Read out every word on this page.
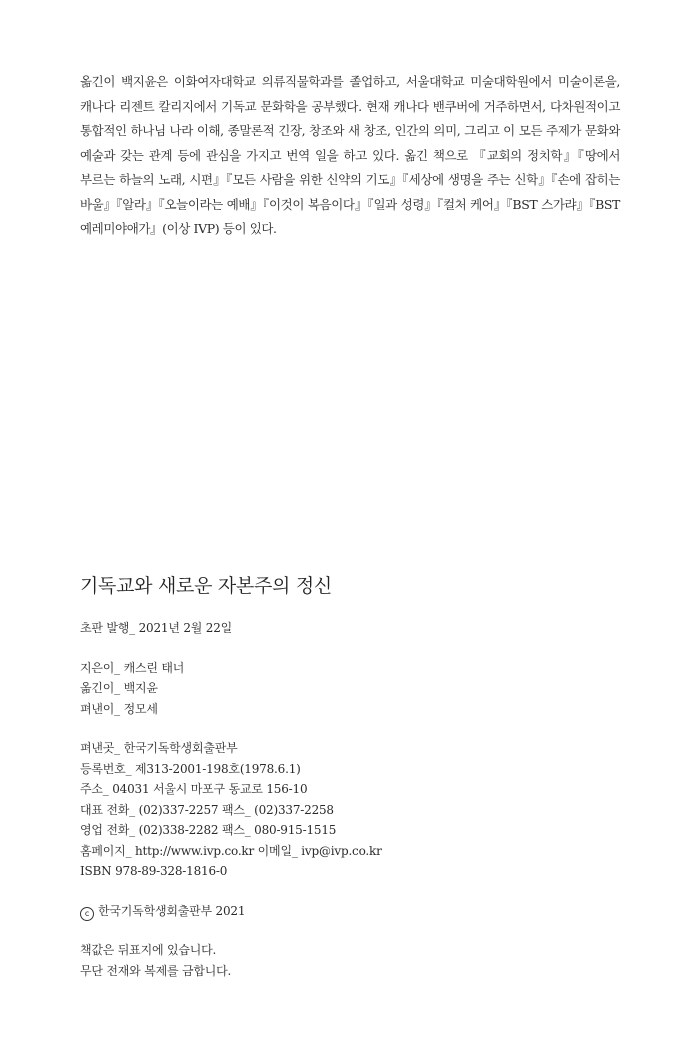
옮긴이 백지윤은 이화여자대학교 의류직물학과를 졸업하고, 서울대학교 미술대학원에서 미술이론을, 캐나다 리젠트 칼리지에서 기독교 문화학을 공부했다. 현재 캐나다 밴쿠버에 거주하면서, 다차원적이고 통합적인 하나님 나라 이해, 종말론적 긴장, 창조와 새 창조, 인간의 의미, 그리고 이 모든 주제가 문화와 예술과 갖는 관계 등에 관심을 가지고 번역 일을 하고 있다. 옮긴 책으로 『교회의 정치학』『땅에서 부르는 하늘의 노래, 시편』『모든 사람을 위한 신약의 기도』『세상에 생명을 주는 신학』『손에 잡히는 바울』『알라』『오늘이라는 예배』『이것이 복음이다』『일과 성령』『컬처 케어』『BST 스가랴』『BST 예레미야애가』(이상 IVP) 등이 있다.
기독교와 새로운 자본주의 정신
초판 발행_ 2021년 2월 22일
지은이_ 캐스린 태너
옮긴이_ 백지윤
펴낸이_ 정모세
펴낸곳_ 한국기독학생회출판부
등록번호_ 제313-2001-198호(1978.6.1)
주소_ 04031 서울시 마포구 동교로 156-10
대표 전화_ (02)337-2257 팩스_ (02)337-2258
영업 전화_ (02)338-2282 팩스_ 080-915-1515
홈페이지_ http://www.ivp.co.kr 이메일_ ivp@ivp.co.kr
ISBN 978-89-328-1816-0
c 한국기독학생회출판부 2021
책값은 뒤표지에 있습니다.
무단 전재와 복제를 금합니다.
